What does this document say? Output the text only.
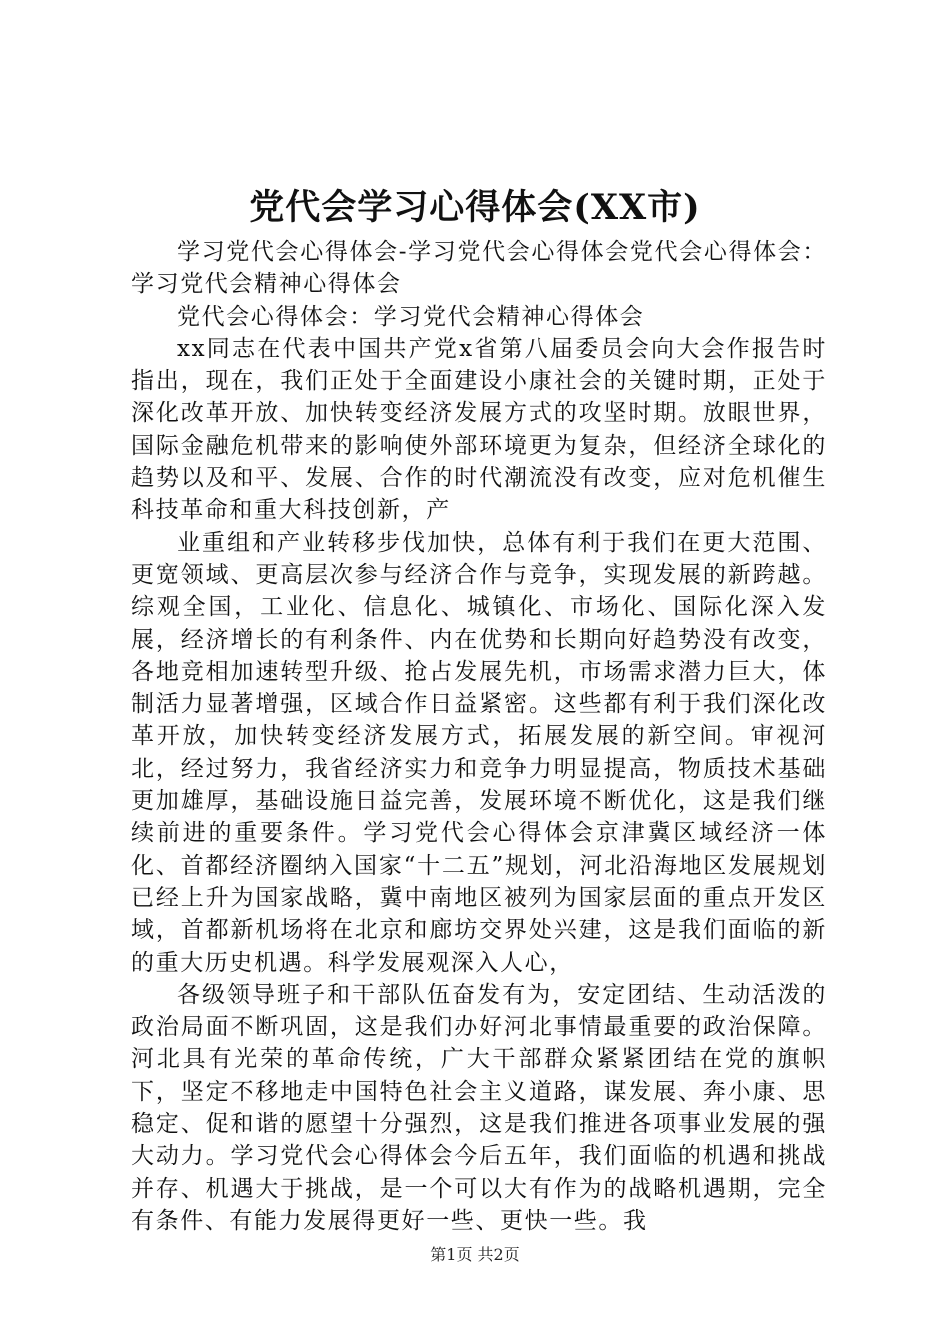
党代会学习心得体会(XX市)

学习党代会心得体会-学习党代会心得体会党代会心得体会：学习党代会精神心得体会

党代会心得体会：学习党代会精神心得体会

xx同志在代表中国共产党x省第八届委员会向大会作报告时指出，现在，我们正处于全面建设小康社会的关键时期，正处于深化改革开放、加快转变经济发展方式的攻坚时期。放眼世界，国际金融危机带来的影响使外部环境更为复杂，但经济全球化的趋势以及和平、发展、合作的时代潮流没有改变，应对危机催生科技革命和重大科技创新，产

业重组和产业转移步伐加快，总体有利于我们在更大范围、更宽领域、更高层次参与经济合作与竞争，实现发展的新跨越。综观全国，工业化、信息化、城镇化、市场化、国际化深入发展，经济增长的有利条件、内在优势和长期向好趋势没有改变，各地竞相加速转型升级、抢占发展先机，市场需求潜力巨大，体制活力显著增强，区域合作日益紧密。这些都有利于我们深化改革开放，加快转变经济发展方式，拓展发展的新空间。审视河北，经过努力，我省经济实力和竞争力明显提高，物质技术基础更加雄厚，基础设施日益完善，发展环境不断优化，这是我们继续前进的重要条件。学习党代会心得体会京津冀区域经济一体化、首都经济圈纳入国家“十二五”规划，河北沿海地区发展规划已经上升为国家战略，冀中南地区被列为国家层面的重点开发区域，首都新机场将在北京和廊坊交界处兴建，这是我们面临的新的重大历史机遇。科学发展观深入人心，

各级领导班子和干部队伍奋发有为，安定团结、生动活泼的政治局面不断巩固，这是我们办好河北事情最重要的政治保障。河北具有光荣的革命传统，广大干部群众紧紧团结在党的旗帜下，坚定不移地走中国特色社会主义道路，谋发展、奔小康、思稳定、促和谐的愿望十分强烈，这是我们推进各项事业发展的强大动力。学习党代会心得体会今后五年，我们面临的机遇和挑战并存、机遇大于挑战，是一个可以大有作为的战略机遇期，完全有条件、有能力发展得更好一些、更快一些。我

第1页 共2页
